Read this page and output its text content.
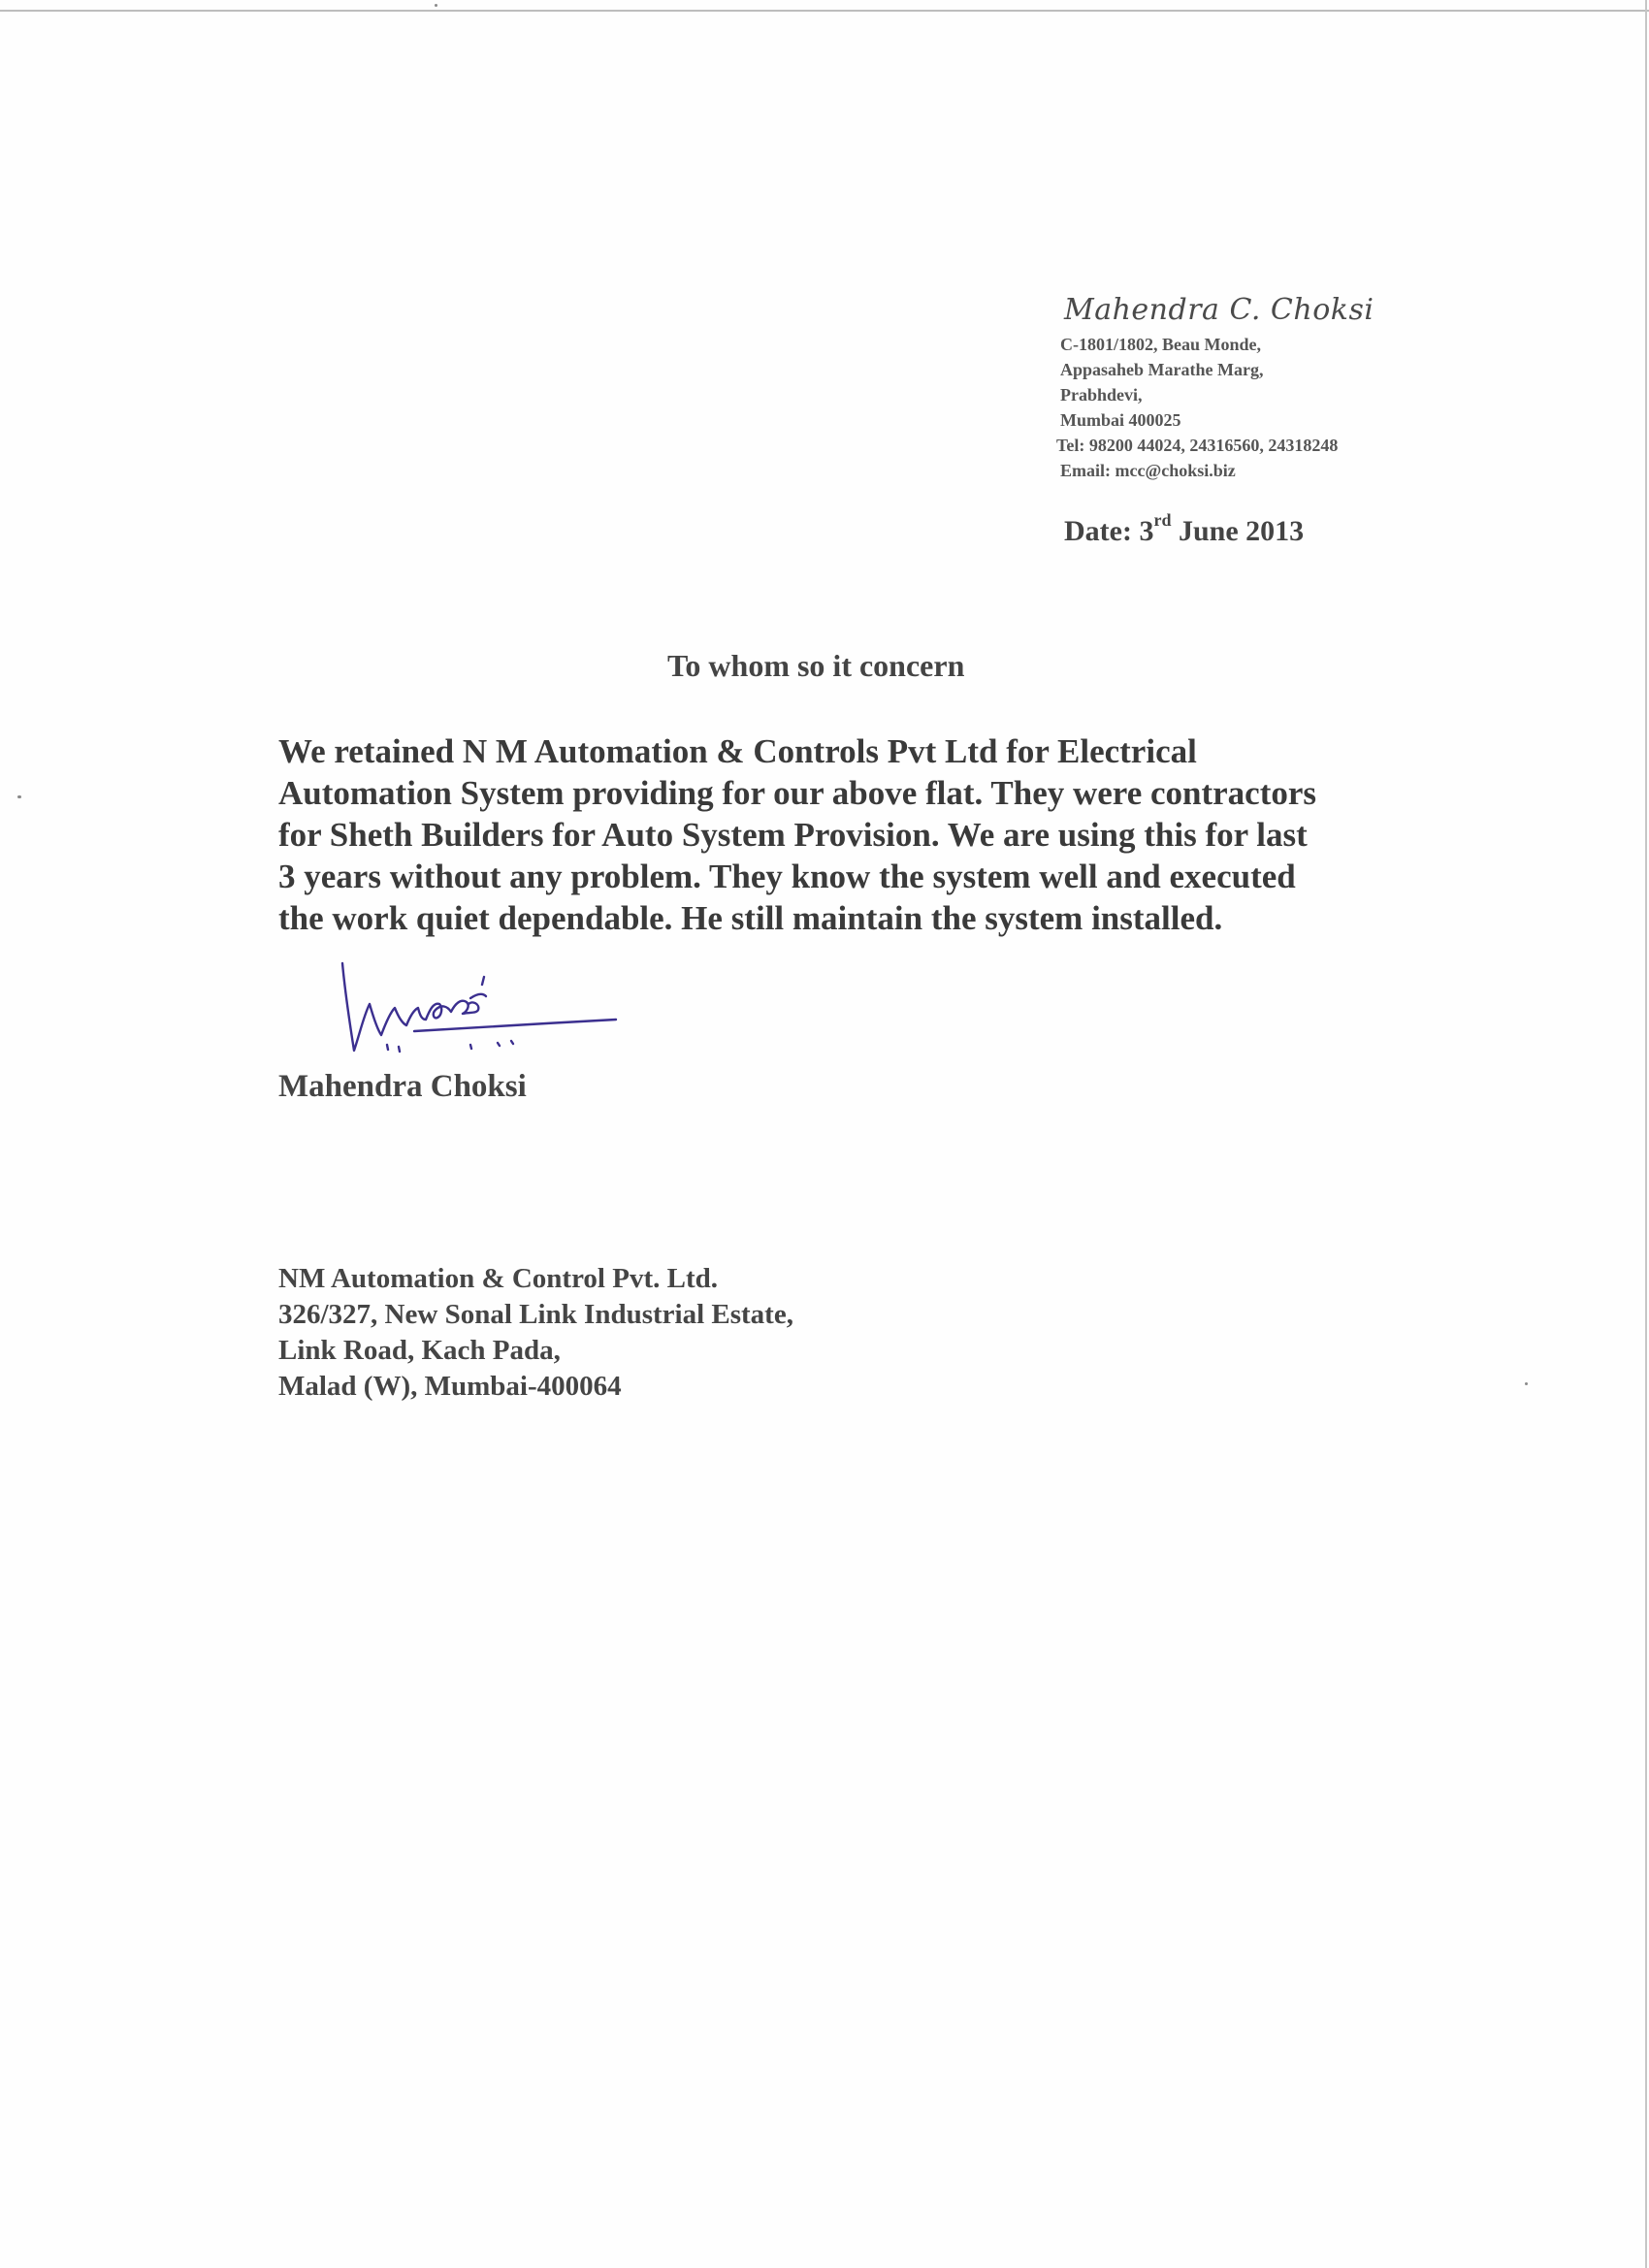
Mahendra C. Choksi
C-1801/1802, Beau Monde,
Appasaheb Marathe Marg,
Prabhdevi,
Mumbai 400025
Tel: 98200 44024, 24316560, 24318248
Email: mcc@choksi.biz
Date: 3rd June 2013
To whom so it concern
We retained N M Automation & Controls Pvt Ltd for Electrical
Automation System providing for our above flat. They were contractors
for Sheth Builders for Auto System Provision. We are using this for last
3 years without any problem. They know the system well and executed
the work quiet dependable. He still maintain the system installed.
Mahendra Choksi
NM Automation & Control Pvt. Ltd.
326/327, New Sonal Link Industrial Estate,
Link Road, Kach Pada,
Malad (W), Mumbai-400064
